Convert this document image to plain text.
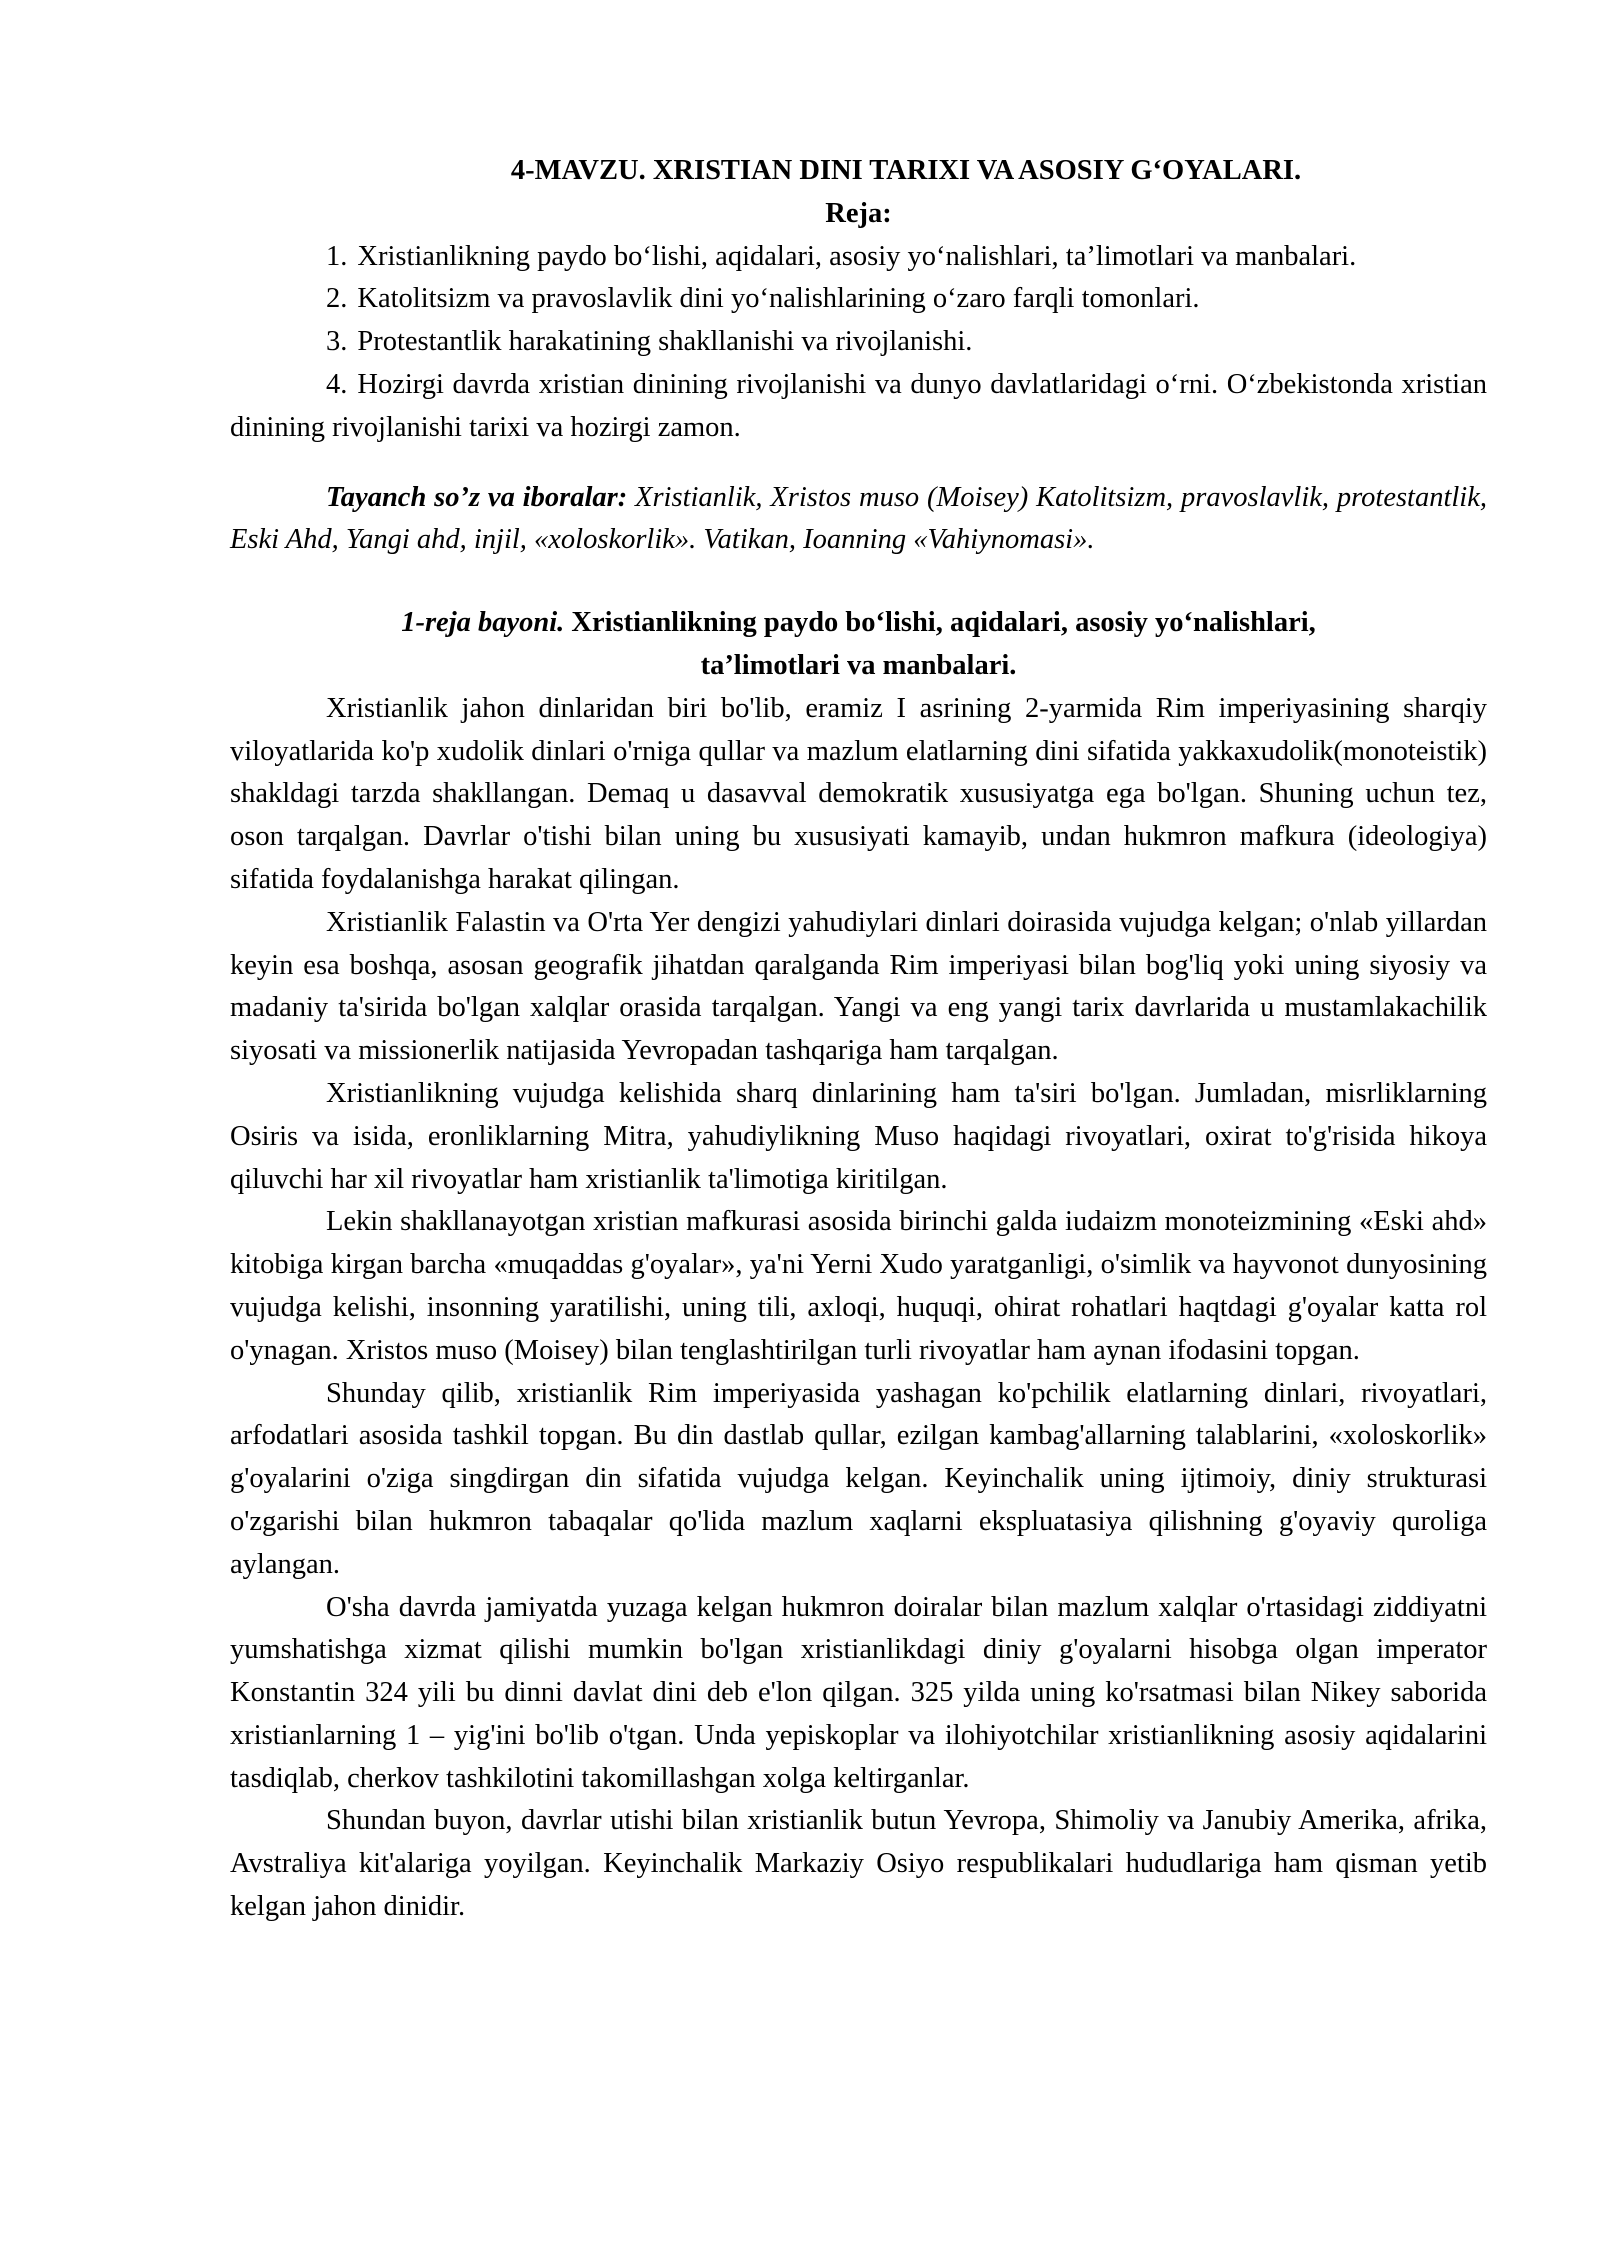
4-MAVZU. XRISTIAN DINI TARIXI VA ASOSIY G‘OYALARI.

Reja:

1. Xristianlikning paydo bo‘lishi, aqidalari, asosiy yo‘nalishlari, ta’limotlari va manbalari.

2. Katolitsizm va pravoslavlik dini yo‘nalishlarining o‘zaro farqli tomonlari.

3. Protestantlik harakatining shakllanishi va rivojlanishi.

4. Hozirgi davrda xristian dinining rivojlanishi va dunyo davlatlaridagi o‘rni. O‘zbekistonda xristian dinining rivojlanishi tarixi va hozirgi zamon.

Tayanch so’z va iboralar: Xristianlik, Xristos muso (Moisey) Katolitsizm, pravoslavlik, protestantlik, Eski Ahd, Yangi ahd, injil, «xoloskorlik». Vatikan, Ioanning «Vahiynomasi».

1-reja bayoni. Xristianlikning paydo bo‘lishi, aqidalari, asosiy yo‘nalishlari,
ta’limotlari va manbalari.

Xristianlik jahon dinlaridan biri bo'lib, eramiz I asrining 2-yarmida Rim imperiyasining sharqiy viloyatlarida ko'p xudolik dinlari o'rniga qullar va mazlum elatlarning dini sifatida yakkaxudolik(monoteistik) shakldagi tarzda shakllangan. Demaq u dasavval demokratik xususiyatga ega bo'lgan. Shuning uchun tez, oson tarqalgan. Davrlar o'tishi bilan uning bu xususiyati kamayib, undan hukmron mafkura (ideologiya) sifatida foydalanishga harakat qilingan.

Xristianlik Falastin va O'rta Yer dengizi yahudiylari dinlari doirasida vujudga kelgan; o'nlab yillardan keyin esa boshqa, asosan geografik jihatdan qaralganda Rim imperiyasi bilan bog'liq yoki uning siyosiy va madaniy ta'sirida bo'lgan xalqlar orasida tarqalgan. Yangi va eng yangi tarix davrlarida u mustamlakachilik siyosati va missionerlik natijasida Yevropadan tashqariga ham tarqalgan.

Xristianlikning vujudga kelishida sharq dinlarining ham ta'siri bo'lgan. Jumladan, misrliklarning Osiris va isida, eronliklarning Mitra, yahudiylikning Muso haqidagi rivoyatlari, oxirat to'g'risida hikoya qiluvchi har xil rivoyatlar ham xristianlik ta'limotiga kiritilgan.

Lekin shakllanayotgan xristian mafkurasi asosida birinchi galda iudaizm monoteizmining «Eski ahd» kitobiga kirgan barcha «muqaddas g'oyalar», ya'ni Yerni Xudo yaratganligi, o'simlik va hayvonot dunyosining vujudga kelishi, insonning yaratilishi, uning tili, axloqi, huquqi, ohirat rohatlari haqtdagi g'oyalar katta rol o'ynagan. Xristos muso (Moisey) bilan tenglashtirilgan turli rivoyatlar ham aynan ifodasini topgan.

Shunday qilib, xristianlik Rim imperiyasida yashagan ko'pchilik elatlarning dinlari, rivoyatlari, arfodatlari asosida tashkil topgan. Bu din dastlab qullar, ezilgan kambag'allarning talablarini, «xoloskorlik» g'oyalarini o'ziga singdirgan din sifatida vujudga kelgan. Keyinchalik uning ijtimoiy, diniy strukturasi o'zgarishi bilan hukmron tabaqalar qo'lida mazlum xaqlarni ekspluatasiya qilishning g'oyaviy quroliga aylangan.

O'sha davrda jamiyatda yuzaga kelgan hukmron doiralar bilan mazlum xalqlar o'rtasidagi ziddiyatni yumshatishga xizmat qilishi mumkin bo'lgan xristianlikdagi diniy g'oyalarni hisobga olgan imperator Konstantin 324 yili bu dinni davlat dini deb e'lon qilgan. 325 yilda uning ko'rsatmasi bilan Nikey saborida xristianlarning 1 – yig'ini bo'lib o'tgan. Unda yepiskoplar va ilohiyotchilar xristianlikning asosiy aqidalarini tasdiqlab, cherkov tashkilotini takomillashgan xolga keltirganlar.

Shundan buyon, davrlar utishi bilan xristianlik butun Yevropa, Shimoliy va Janubiy Amerika, afrika, Avstraliya kit'alariga yoyilgan. Keyinchalik Markaziy Osiyo respublikalari hududlariga ham qisman yetib kelgan jahon dinidir.
